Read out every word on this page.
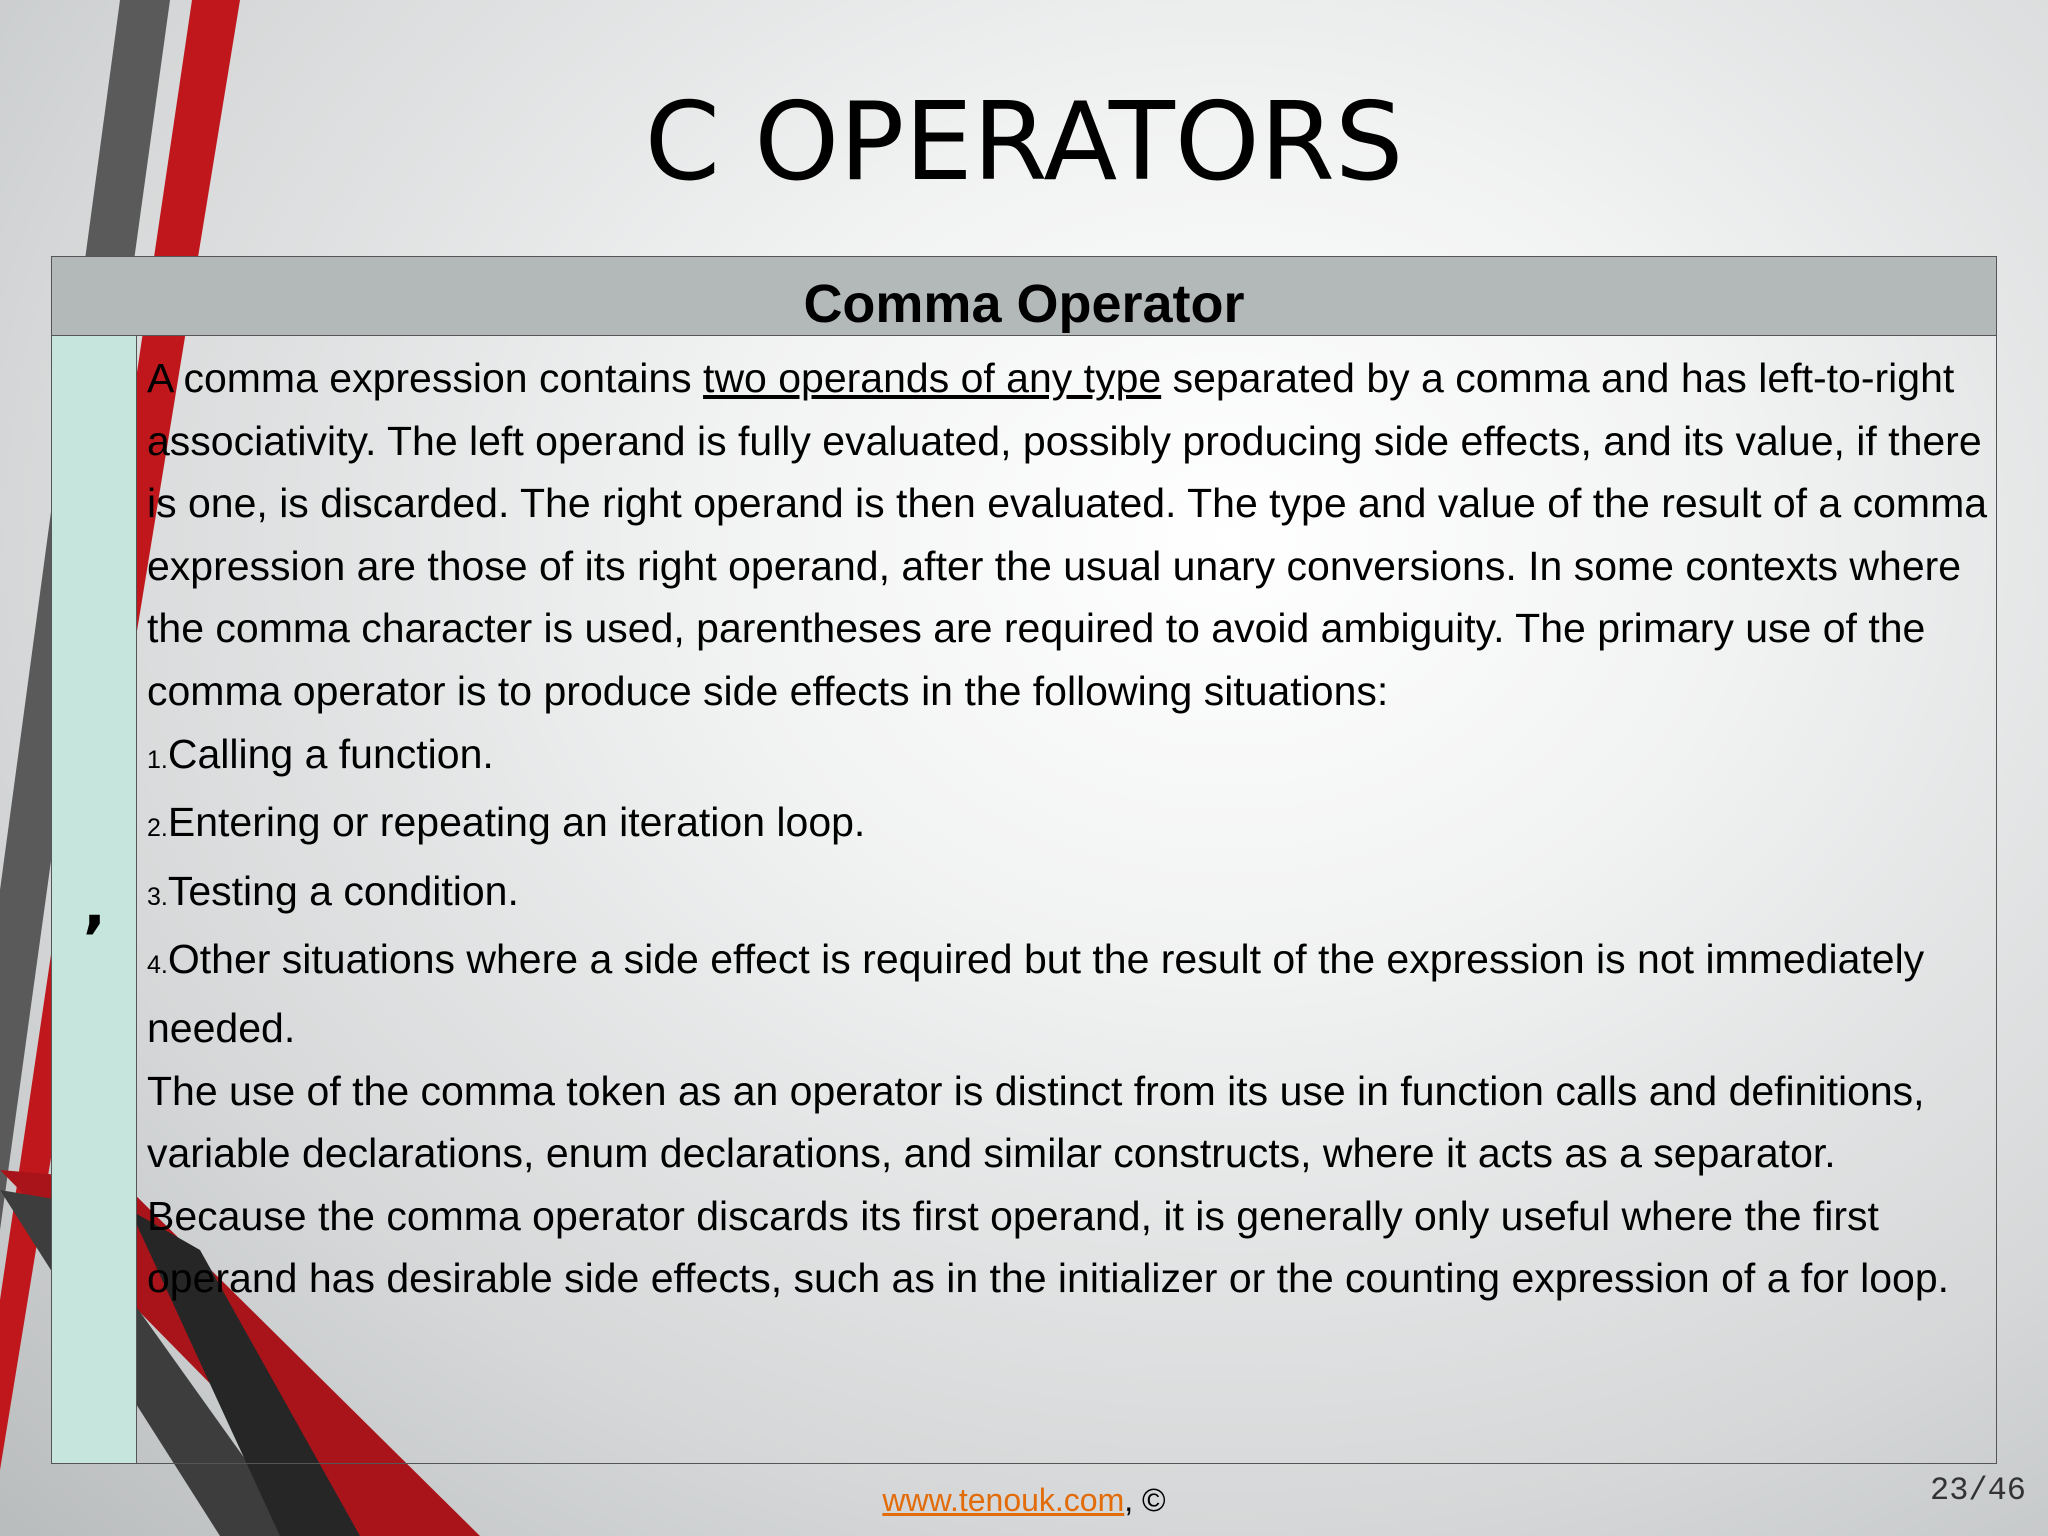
C OPERATORS
Comma Operator
,

A comma expression contains two operands of any type separated by a comma and has left-to-right associativity. The left operand is fully evaluated, possibly producing side effects, and its value, if there is one, is discarded. The right operand is then evaluated. The type and value of the result of a comma expression are those of its right operand, after the usual unary conversions. In some contexts where the comma character is used, parentheses are required to avoid ambiguity. The primary use of the comma operator is to produce side effects in the following situations:

1.Calling a function.

2.Entering or repeating an iteration loop.

3.Testing a condition.

4.Other situations where a side effect is required but the result of the expression is not immediately needed.

The use of the comma token as an operator is distinct from its use in function calls and definitions, variable declarations, enum declarations, and similar constructs, where it acts as a separator.

Because the comma operator discards its first operand, it is generally only useful where the first operand has desirable side effects, such as in the initializer or the counting expression of a for loop.

www.tenouk.com, ©	23/46
